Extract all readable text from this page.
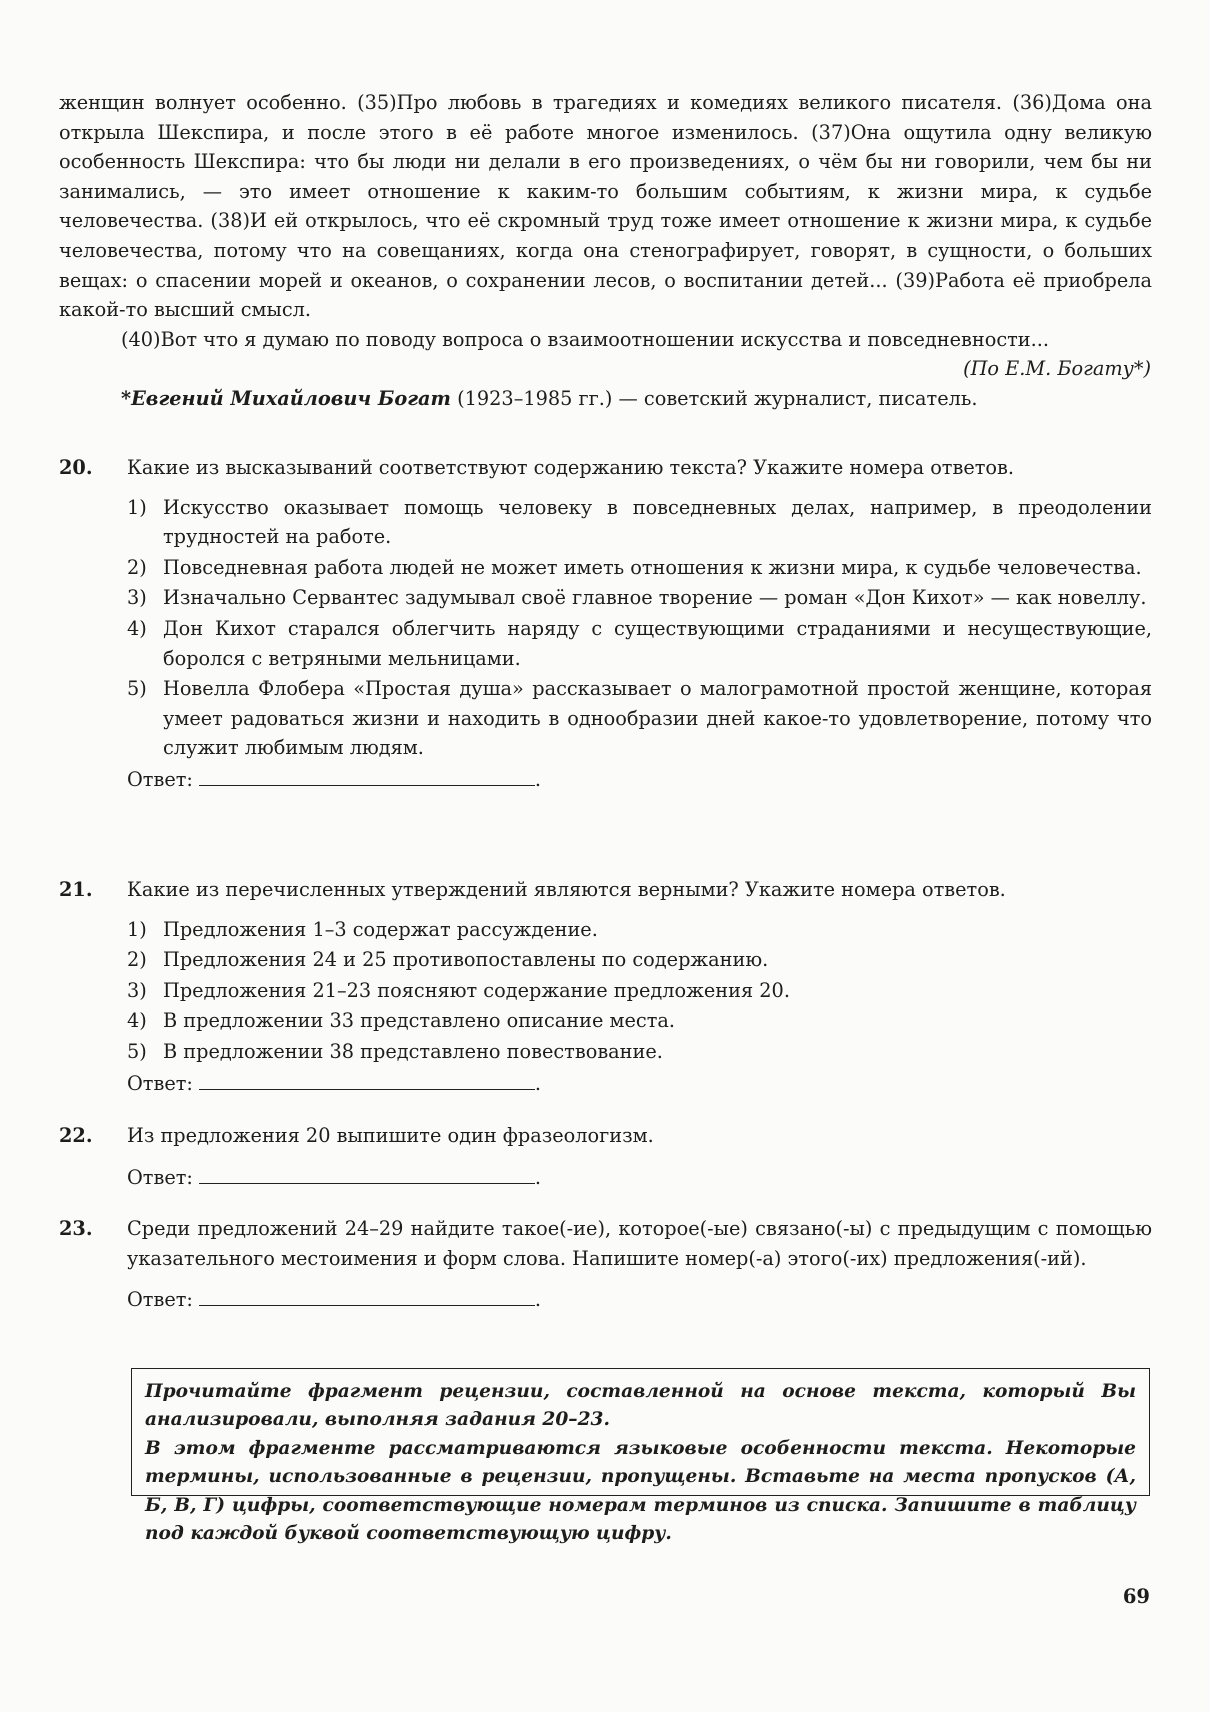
женщин волнует особенно. (35)Про любовь в трагедиях и комедиях великого писателя. (36)Дома она открыла Шекспира, и после этого в её работе многое изменилось. (37)Она ощутила одну великую особенность Шекспира: что бы люди ни делали в его произведениях, о чём бы ни говорили, чем бы ни занимались, — это имеет отношение к каким-то большим событиям, к жизни мира, к судьбе человечества. (38)И ей открылось, что её скромный труд тоже имеет отношение к жизни мира, к судьбе человечества, потому что на совещаниях, когда она стенографирует, говорят, в сущности, о больших вещах: о спасении морей и океанов, о сохранении лесов, о воспитании детей... (39)Работа её приобрела какой-то высший смысл.

(40)Вот что я думаю по поводу вопроса о взаимоотношении искусства и повседневности...

(По Е.М. Богату*)

*Евгений Михайлович Богат (1923–1985 гг.) — советский журналист, писатель.

20. Какие из высказываний соответствуют содержанию текста? Укажите номера ответов.

1) Искусство оказывает помощь человеку в повседневных делах, например, в преодолении трудностей на работе.
2) Повседневная работа людей не может иметь отношения к жизни мира, к судьбе человечества.
3) Изначально Сервантес задумывал своё главное творение — роман «Дон Кихот» — как новеллу.
4) Дон Кихот старался облегчить наряду с существующими страданиями и несуществующие, боролся с ветряными мельницами.
5) Новелла Флобера «Простая душа» рассказывает о малограмотной простой женщине, которая умеет радоваться жизни и находить в однообразии дней какое-то удовлетворение, потому что служит любимым людям.
Ответ:	.
21. Какие из перечисленных утверждений являются верными? Укажите номера ответов.

1) Предложения 1–3 содержат рассуждение.
2) Предложения 24 и 25 противопоставлены по содержанию.
3) Предложения 21–23 поясняют содержание предложения 20.
4) В предложении 33 представлено описание места.
5) В предложении 38 представлено повествование.
Ответ:	.
22. Из предложения 20 выпишите один фразеологизм.

Ответ:	.
23. Среди предложений 24–29 найдите такое(-ие), которое(-ые) связано(-ы) с предыдущим с помощью указательного местоимения и форм слова. Напишите номер(-а) этого(-их) предложения(-ий).

Ответ:	.

Прочитайте фрагмент рецензии, составленной на основе текста, который Вы анализировали, выполняя задания 20–23.

В этом фрагменте рассматриваются языковые особенности текста. Некоторые термины, использованные в рецензии, пропущены. Вставьте на места пропусков (А, Б, В, Г) цифры, соответствующие номерам терминов из списка. Запишите в таблицу под каждой буквой соответствующую цифру.

69
